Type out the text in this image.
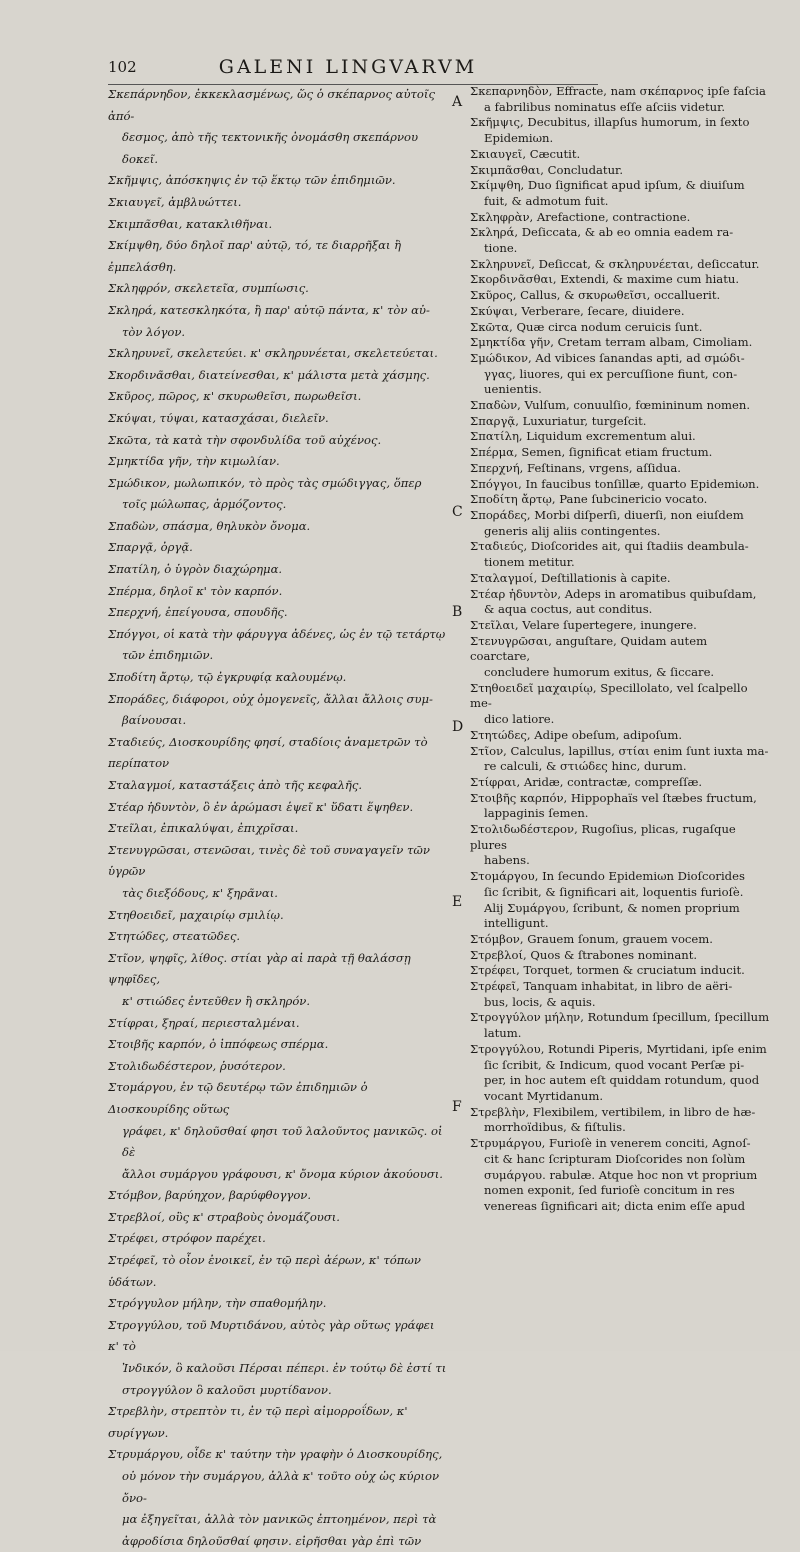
102	GALENI LINGVARVM
Σκεπάρνηδον, ἐκκεκλασμένως, ὥς ὁ σκέπαρνος αὐτοῖς ἀπό-
δεσμος, ἀπὸ τῆς τεκτονικῆς ὀνομάσθη σκεπάρνου δοκεῖ.
Σκῆμψις, ἀπόσκηψις ἐν τῷ ἕκτῳ τῶν ἐπιδημιῶν.
Σκιαυγεῖ, ἀμβλυώττει.
Σκιμπᾶσθαι, κατακλιθῆναι.
Σκίμψθη, δύο δηλοῖ παρ' αὐτῷ, τό, τε διαρρῆξαι ἢ ἐμπελάσθη.
Σκληφρόν, σκελετεῖα, συμπίωσις.
Σκληρά, κατεσκληκότα, ἢ παρ' αὐτῷ πάντα, κ' τὸν αὐ-
τὸν λόγον.
Σκληρυνεῖ, σκελετεύει. κ' σκληρυνέεται, σκελετεύεται.
Σκορδινᾶσθαι, διατείνεσθαι, κ' μάλιστα μετὰ χάσμης.
Σκῦρος, πῶρος, κ' σκυρωθεῖσι, πωρωθεῖσι.
Σκύψαι, τύψαι, κατασχάσαι, διελεῖν.
Σκῶτα, τὰ κατὰ τὴν σφονδυλίδα τοῦ αὐχένος.
Σμηκτίδα γῆν, τὴν κιμωλίαν.
Σμώδικον, μωλωπικόν, τὸ πρὸς τὰς σμώδιγγας, ὅπερ
τοῖς μώλωπας, ἁρμόζοντος.
Σπαδὼν, σπάσμα, θηλυκὸν ὄνομα.
Σπαργᾷ, ὀργᾷ.
Σπατίλη, ὁ ὑγρὸν διαχώρημα.
Σπέρμα, δηλοῖ κ' τὸν καρπόν.
Σπερχνή, ἐπείγουσα, σπουδῆς.
Σπόγγοι, οἱ κατὰ τὴν φάρυγγα ἀδένες, ὡς ἐν τῷ τετάρτῳ
τῶν ἐπιδημιῶν.
Σποδίτη ἄρτῳ, τῷ ἐγκρυφίᾳ καλουμένῳ.
Σποράδες, διάφοροι, οὐχ ὁμογενεῖς, ἄλλαι ἄλλοις συμ-
βαίνουσαι.
Σταδιεύς, Διοσκουρίδης φησί, σταδίοις ἀναμετρῶν τὸ περίπατον
Σταλαγμοί, καταστάξεις ἀπὸ τῆς κεφαλῆς.
Στέαρ ἡδυντὸν, ὃ ἐν ἀρώμασι ἑψεῖ κ' ὕδατι ἕψηθεν.
Στεῖλαι, ἐπικαλύψαι, ἐπιχρῖσαι.
Στενυγρῶσαι, στενῶσαι, τινὲς δὲ τοῦ συναγαγεῖν τῶν ὑγρῶν
τὰς διεξόδους, κ' ξηρᾶναι.
Στηθοειδεῖ, μαχαιρίῳ σμιλίῳ.
Στητώδες, στεατῶδες.
Στῖον, ψηφῖς, λίθος. στίαι γὰρ αἱ παρὰ τῇ θαλάσσῃ ψηφῖδες,
κ' στιώδες ἐντεῦθεν ἢ σκληρόν.
Στίφραι, ξηραί, περιεσταλμέναι.
Στοιβῆς καρπόν, ὁ ἱππόφεως σπέρμα.
Στολιδωδέστερον, ῥυσότερον.
Στομάργου, ἐν τῷ δευτέρῳ τῶν ἐπιδημιῶν ὁ Διοσκουρίδης οὕτως
γράφει, κ' δηλοῦσθαί φησι τοῦ λαλοῦντος μανικῶς. οἱ δὲ
ἄλλοι συμάργου γράφουσι, κ' ὄνομα κύριον ἀκούουσι.
Στόμβον, βαρύηχον, βαρύφθογγον.
Στρεβλοί, οὓς κ' στραβοὺς ὀνομάζουσι.
Στρέφει, στρόφον παρέχει.
Στρέφεῖ, τὸ οἷον ἐνοικεῖ, ἐν τῷ περὶ ἀέρων, κ' τόπων ὑδάτων.
Στρόγγυλον μήλην, τὴν σπαθομήλην.
Στρογγύλου, τοῦ Μυρτιδάνου, αὐτὸς γὰρ οὕτως γράφει κ' τὸ
Ἰνδικόν, ὃ καλοῦσι Πέρσαι πέπερι. ἐν τούτῳ δὲ ἐστί τι
στρογγύλον ὃ καλοῦσι μυρτίδανον.
Στρεβλὴν, στρεπτὸν τι, ἐν τῷ περὶ αἱμορροΐδων, κ' συρίγγων.
Στρυμάργου, οἶδε κ' ταύτην τὴν γραφὴν ὁ Διοσκουρίδης,
οὐ μόνον τὴν συμάργου, ἀλλὰ κ' τοῦτο οὐχ ὡς κύριον ὄνο-
μα ἐξηγεῖται, ἀλλὰ τὸν μανικῶς ἐπτοημένον, περὶ τὰ
ἀφροδίσια δηλοῦσθαί φησιν. εἰρῆσθαι γὰρ ἐπὶ τῶν
A
B
C
D
E
F
Σκεπαρνηδὸν, Effracte, nam σκέπαρνος ipſe faſcia
a fabrilibus nominatus eſſe aſciis videtur.
Σκῆμψις, Decubitus, illapſus humorum, in ſexto
Epidemiωn.
Σκιαυγεῖ, Cæcutit.
Σκιμπᾶσθαι, Concludatur.
Σκίμψθη, Duo ſignificat apud ipſum, & diuiſum
fuit, & admotum fuit.
Σκληφρὰν, Arefactione, contractione.
Σκληρά, Deſiccata, & ab eo omnia eadem ra-
tione.
Σκληρυνεῖ, Deſiccat, & σκληρυνέεται, deſiccatur.
Σκορδινᾶσθαι, Extendi, & maxime cum hiatu.
Σκῦρος, Callus, & σκυρωθεῖσι, occalluerit.
Σκύψαι, Verberare, ſecare, diuidere.
Σκῶτα, Quæ circa nodum ceruicis ſunt.
Σμηκτίδα γῆν, Cretam terram albam, Cimoliam.
Σμώδικον, Ad vibices ſanandas apti, ad σμώδι-
γγας, liuores, qui ex percuſſione fiunt, con-
uenientis.
Σπαδὼν, Vulſum, conuulſio, fœmininum nomen.
Σπαργᾷ, Luxuriatur, turgeſcit.
Σπατίλη, Liquidum excrementum alui.
Σπέρμα, Semen, ſignificat etiam fructum.
Σπερχνή, Feſtinans, vrgens, aſſidua.
Σπόγγοι, In faucibus tonſillæ, quarto Epidemiωn.
Σποδίτη ἄρτῳ, Pane ſubcinericio vocato.
Σποράδες, Morbi diſperſi, diuerſi, non eiuſdem
generis alij aliis contingentes.
Σταδιεύς, Dioſcorides ait, qui ſtadiis deambula-
tionem metitur.
Σταλαγμοί, Deſtillationis à capite.
Στέαρ ἡδυντὸν, Adeps in aromatibus quibuſdam,
& aqua coctus, aut conditus.
Στεῖλαι, Velare ſupertegere, inungere.
Στενυγρῶσαι, anguſtare, Quidam autem coarctare,
concludere humorum exitus, & ſiccare.
Στηθοειδεῖ μαχαιρίῳ, Specillolato, vel ſcalpello me-
dico latiore.
Στητώδες, Adipe obeſum, adipoſum.
Στῖον, Calculus, lapillus, στίαι enim ſunt iuxta ma-
re calculi, & στιώδες hinc, durum.
Στίφραι, Aridæ, contractæ, compreſſæ.
Στοιβῆς καρπόν, Hippophaïs vel ſtæbes fructum,
lappaginis ſemen.
Στολιδωδέστερον, Rugoſius, plicas, rugaſque plures
habens.
Στομάργου, In ſecundo Epidemiωn Dioſcorides
ſic ſcribit, & ſignificari ait, loquentis furioſè.
Alij Συμάργου, ſcribunt, & nomen proprium
intelligunt.
Στόμβον, Grauem ſonum, grauem vocem.
Στρεβλοί, Quos & ſtrabones nominant.
Στρέφει, Torquet, tormen & cruciatum inducit.
Στρέφεῖ, Tanquam inhabitat, in libro de aëri-
bus, locis, & aquis.
Στρογγύλον μήλην, Rotundum ſpecillum, ſpecillum
latum.
Στρογγύλου, Rotundi Piperis, Myrtidani, ipſe enim
ſic ſcribit, & Indicum, quod vocant Perſæ pi-
per, in hoc autem eſt quiddam rotundum, quod
vocant Myrtidanum.
Στρεβλὴν, Flexibilem, vertibilem, in libro de hæ-
morrhoïdibus, & fiſtulis.
Στρυμάργου, Furioſè in venerem conciti, Agnoſ-
cit & hanc ſcripturam Dioſcorides non ſolùm
συμάργου. rabulæ. Atque hoc non vt proprium
nomen exponit, ſed furioſè concitum in res
venereas ſignificari ait; dicta enim eſſe apud
